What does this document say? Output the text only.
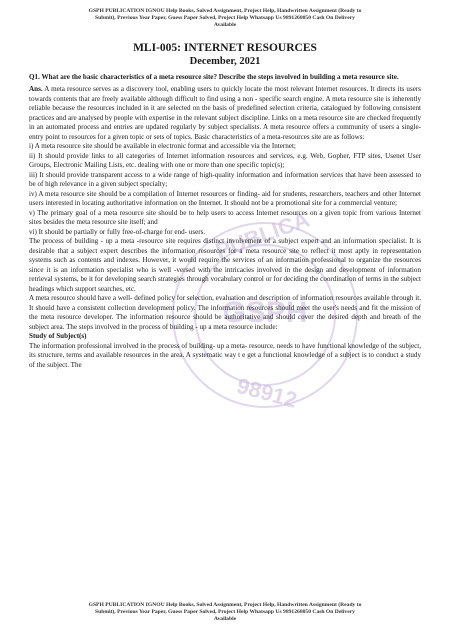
GSPH PUBLICATION IGNOU Help Books, Solved Assignment, Project Help, Handwritten Assignment (Ready to
Submit), Previous Year Paper, Guess Paper Solved, Project Help Whatsapp Us 9891268050 Cash On Delivery
Available
PUBLICA
GSPH
98912
MLI-005: INTERNET RESOURCES
December, 2021
Q1. What are the basic characteristics of a meta resource site? Describe the steps involved in building a meta resource site.

Ans. A meta resource serves as a discovery tool, enabling users to quickly locate the most relevant Internet resources. It directs its users towards contents that are freely available although difficult to find using a non - specific search engine. A meta resource site is inherently reliable because the resources included in it are selected on the basis of predefined selection criteria, catalogued by following consistent practices and are analysed by people with expertise in the relevant subject discipline. Links on a meta resource site are checked frequently in an automated process and entries are updated regularly by subject specialists. A meta resource offers a community of users a single-entry point to resources for a given topic or sets of topics. Basic characteristics of a meta-resources site are as follows:

i) A meta resource site should be available in electronic format and accessible via the Internet;

ii) It should provide links to all categories of Internet information resources and services, e.g. Web, Gopher, FTP sites, Usenet User Groups, Electronic Mailing Lists, etc. dealing with one or more than one specific topic(s);

iii) It should provide transparent access to a wide range of high-quality information and information services that have been assessed to be of high relevance in a given subject specialty;

iv) A meta resource site should be a compilation of Internet resources or finding- aid for students, researchers, teachers and other Internet users interested in locating authoritative information on the Internet. It should not be a promotional site for a commercial venture;

v) The primary goal of a meta resource site should be to help users to access Internet resources on a given topic from various Internet sites besides the meta resource site itself; and

vi) It should be partially or fully free-of-charge for end- users.

The process of building - up a meta -resource site requires distinct involvement of a subject expert and an information specialist. It is desirable that a subject expert describes the information resources for a meta resource site to reflect it most aptly in representation systems such as contents and indexes. However, it would require the services of an information professional to organize the resources since it is an information specialist who is well -versed with the intricacies involved in the design and development of information retrieval systems, be it for developing search strategies through vocabulary control or for deciding the coordination of terms in the subject headings which support searches, etc.

A meta resource should have a well- defined policy for selection, evaluation and description of information resources available through it. It should have a consistent collection development policy. The information resources should meet the user's needs and fit the mission of the meta resource developer. The information resource should be authoritative and should cover the desired depth and breath of the subject area. The steps involved in the process of building - up a meta resource include:

Study of Subject(s)

The information professional involved in the process of building- up a meta- resource, needs to have functional knowledge of the subject, its structure, terms and available resources in the area. A systematic way t e get a functional knowledge of a subject is to conduct a study of the subject. The

GSPH PUBLICATION IGNOU Help Books, Solved Assignment, Project Help, Handwritten Assignment (Ready to
Submit), Previous Year Paper, Guess Paper Solved, Project Help Whatsapp Us 9891268050 Cash On Delivery
Available
